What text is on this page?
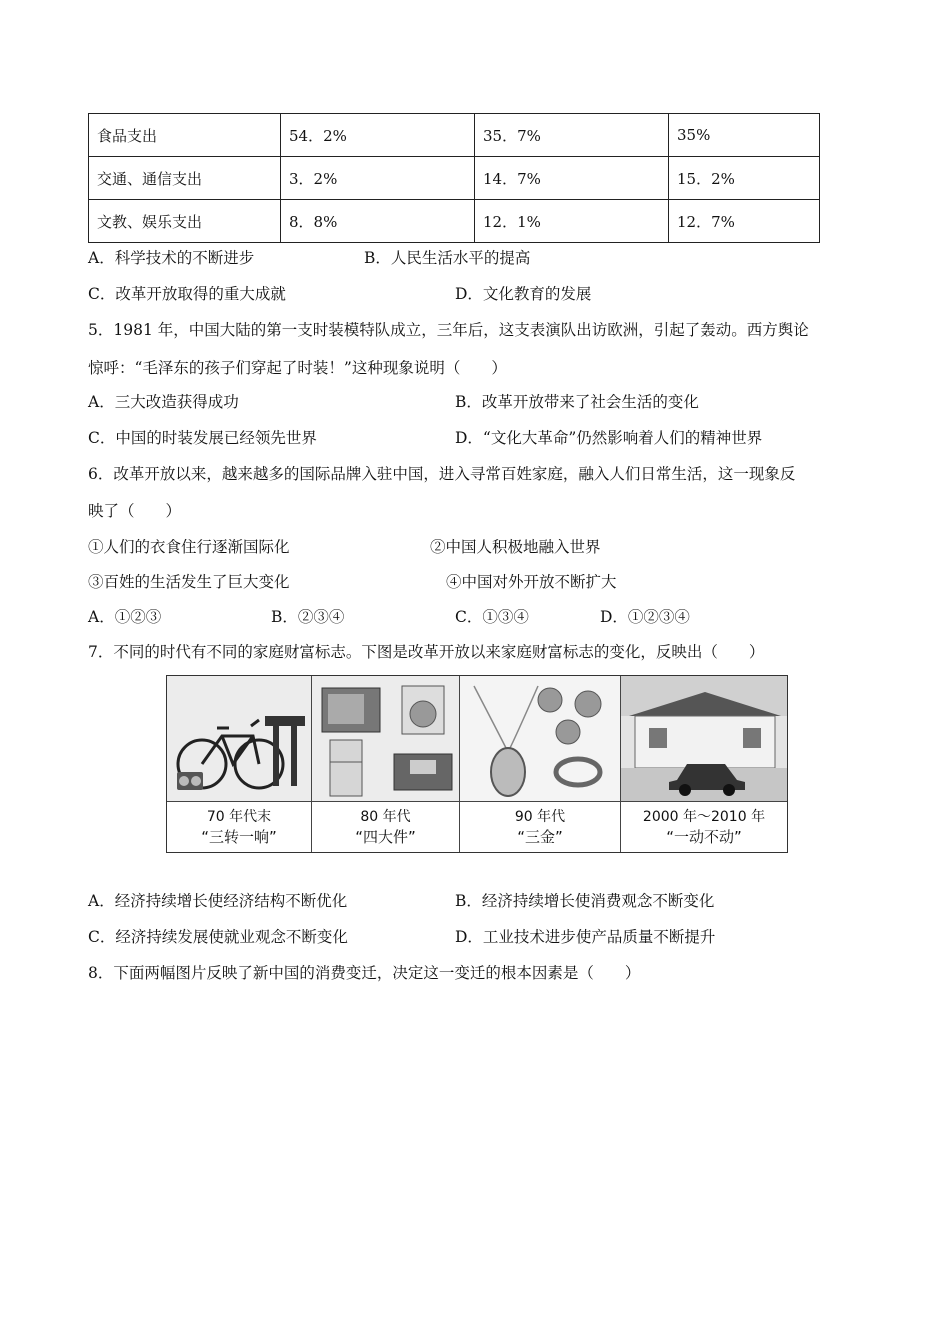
食品支出	54．2%	35．7%	35%
交通、通信支出	3．2%	14．7%	15．2%
文教、娱乐支出	8．8%	12．1%	12．7%
A．科学技术的不断进步	B．人民生活水平的提高
C．改革开放取得的重大成就	D．文化教育的发展
5．1981 年，中国大陆的第一支时装模特队成立，三年后，这支表演队出访欧洲，引起了轰动。西方舆论
惊呼：“毛泽东的孩子们穿起了时装！”这种现象说明（　　）
A．三大改造获得成功	B．改革开放带来了社会生活的变化
C．中国的时装发展已经领先世界	D．“文化大革命”仍然影响着人们的精神世界
6．改革开放以来，越来越多的国际品牌入驻中国，进入寻常百姓家庭，融入人们日常生活，这一现象反
映了（　　）
①人们的衣食住行逐渐国际化	②中国人积极地融入世界
③百姓的生活发生了巨大变化	④中国对外开放不断扩大
A．①②③	B．②③④	C．①③④	D．①②③④
7．不同的时代有不同的家庭财富标志。下图是改革开放以来家庭财富标志的变化，反映出（　　）
70 年代末
“三转一响”
80 年代
“四大件”
90 年代
“三金”
2000 年～2010 年
“一动不动”
A．经济持续增长使经济结构不断优化	B．经济持续增长使消费观念不断变化
C．经济持续发展使就业观念不断变化	D．工业技术进步使产品质量不断提升
8．下面两幅图片反映了新中国的消费变迁，决定这一变迁的根本因素是（　　）
